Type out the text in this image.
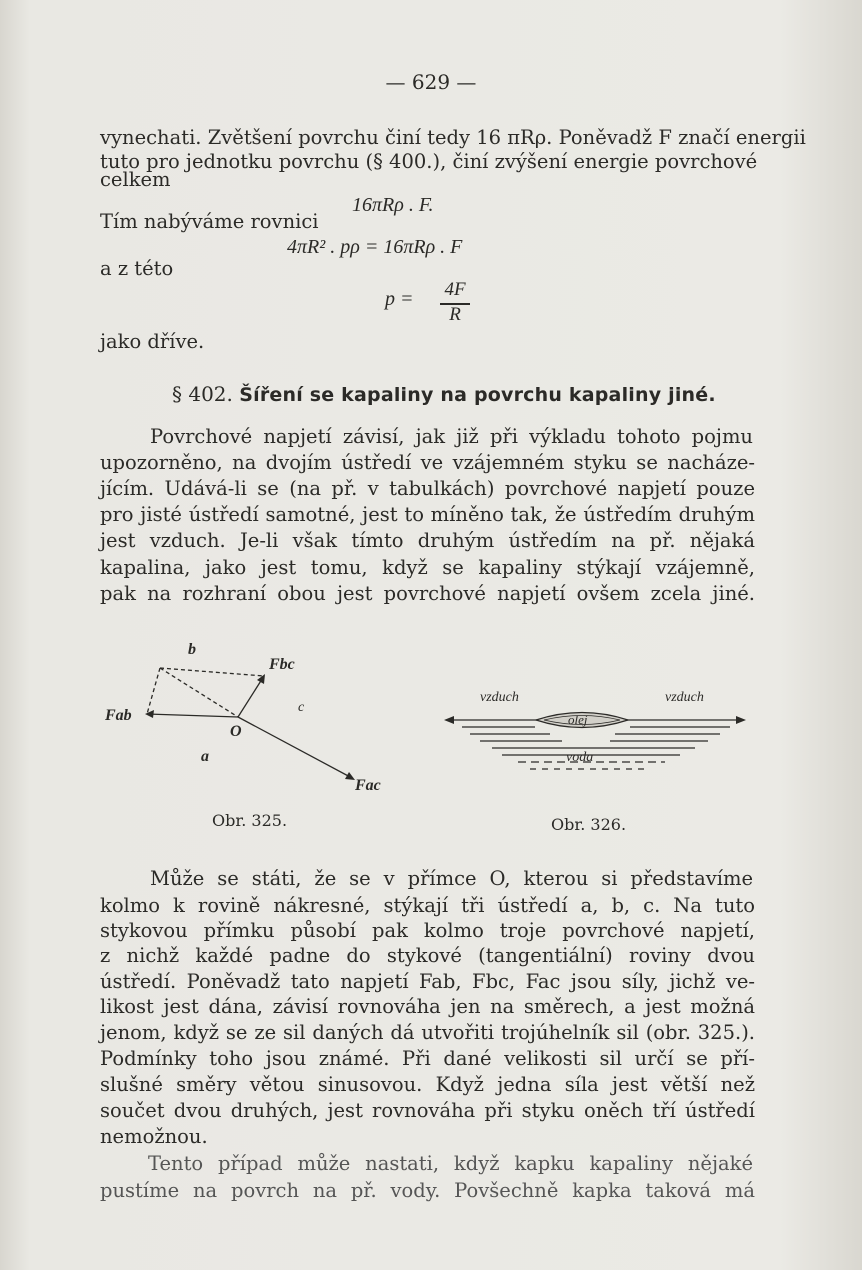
— 629 —
vynechati. Zvětšení povrchu činí tedy 16 πRρ. Poněvadž F značí energii
tuto pro jednotku povrchu (§ 400.), činí zvýšení energie povrchové
celkem
16πRρ . F.
Tím nabýváme rovnici
4πR² . pρ = 16πRρ . F
a z této
p = 4F
R
jako dříve.
§ 402. Šíření se kapaliny na povrchu kapaliny jiné.
Povrchové napjetí závisí, jak již při výkladu tohoto pojmu
upozorněno, na dvojím ústředí ve vzájemném styku se nacháze-
jícím. Udává-li se (na př. v tabulkách) povrchové napjetí pouze
pro jisté ústředí samotné, jest to míněno tak, že ústředím druhým
jest vzduch. Je-li však tímto druhým ústředím na př. nějaká
kapalina, jako jest tomu, když se kapaliny stýkají vzájemně,
pak na rozhraní obou jest povrchové napjetí ovšem zcela jiné.
b
Fbc
c
Fab
O
a
Fac
Obr. 325.
vzduch	vzduch
olej
voda
Obr. 326.
Může se státi, že se v přímce O, kterou si představíme
kolmo k rovině nákresné, stýkají tři ústředí a, b, c. Na tuto
stykovou přímku působí pak kolmo troje povrchové napjetí,
z nichž každé padne do stykové (tangentiální) roviny dvou
ústředí. Poněvadž tato napjetí Fab, Fbc, Fac jsou síly, jichž ve-
likost jest dána, závisí rovnováha jen na směrech, a jest možná
jenom, když se ze sil daných dá utvořiti trojúhelník sil (obr. 325.).
Podmínky toho jsou známé. Při dané velikosti sil určí se pří-
slušné směry větou sinusovou. Když jedna síla jest větší než
součet dvou druhých, jest rovnováha při styku oněch tří ústředí
nemožnou.
Tento případ může nastati, když kapku kapaliny nějaké
pustíme na povrch na př. vody. Povšechně kapka taková má
